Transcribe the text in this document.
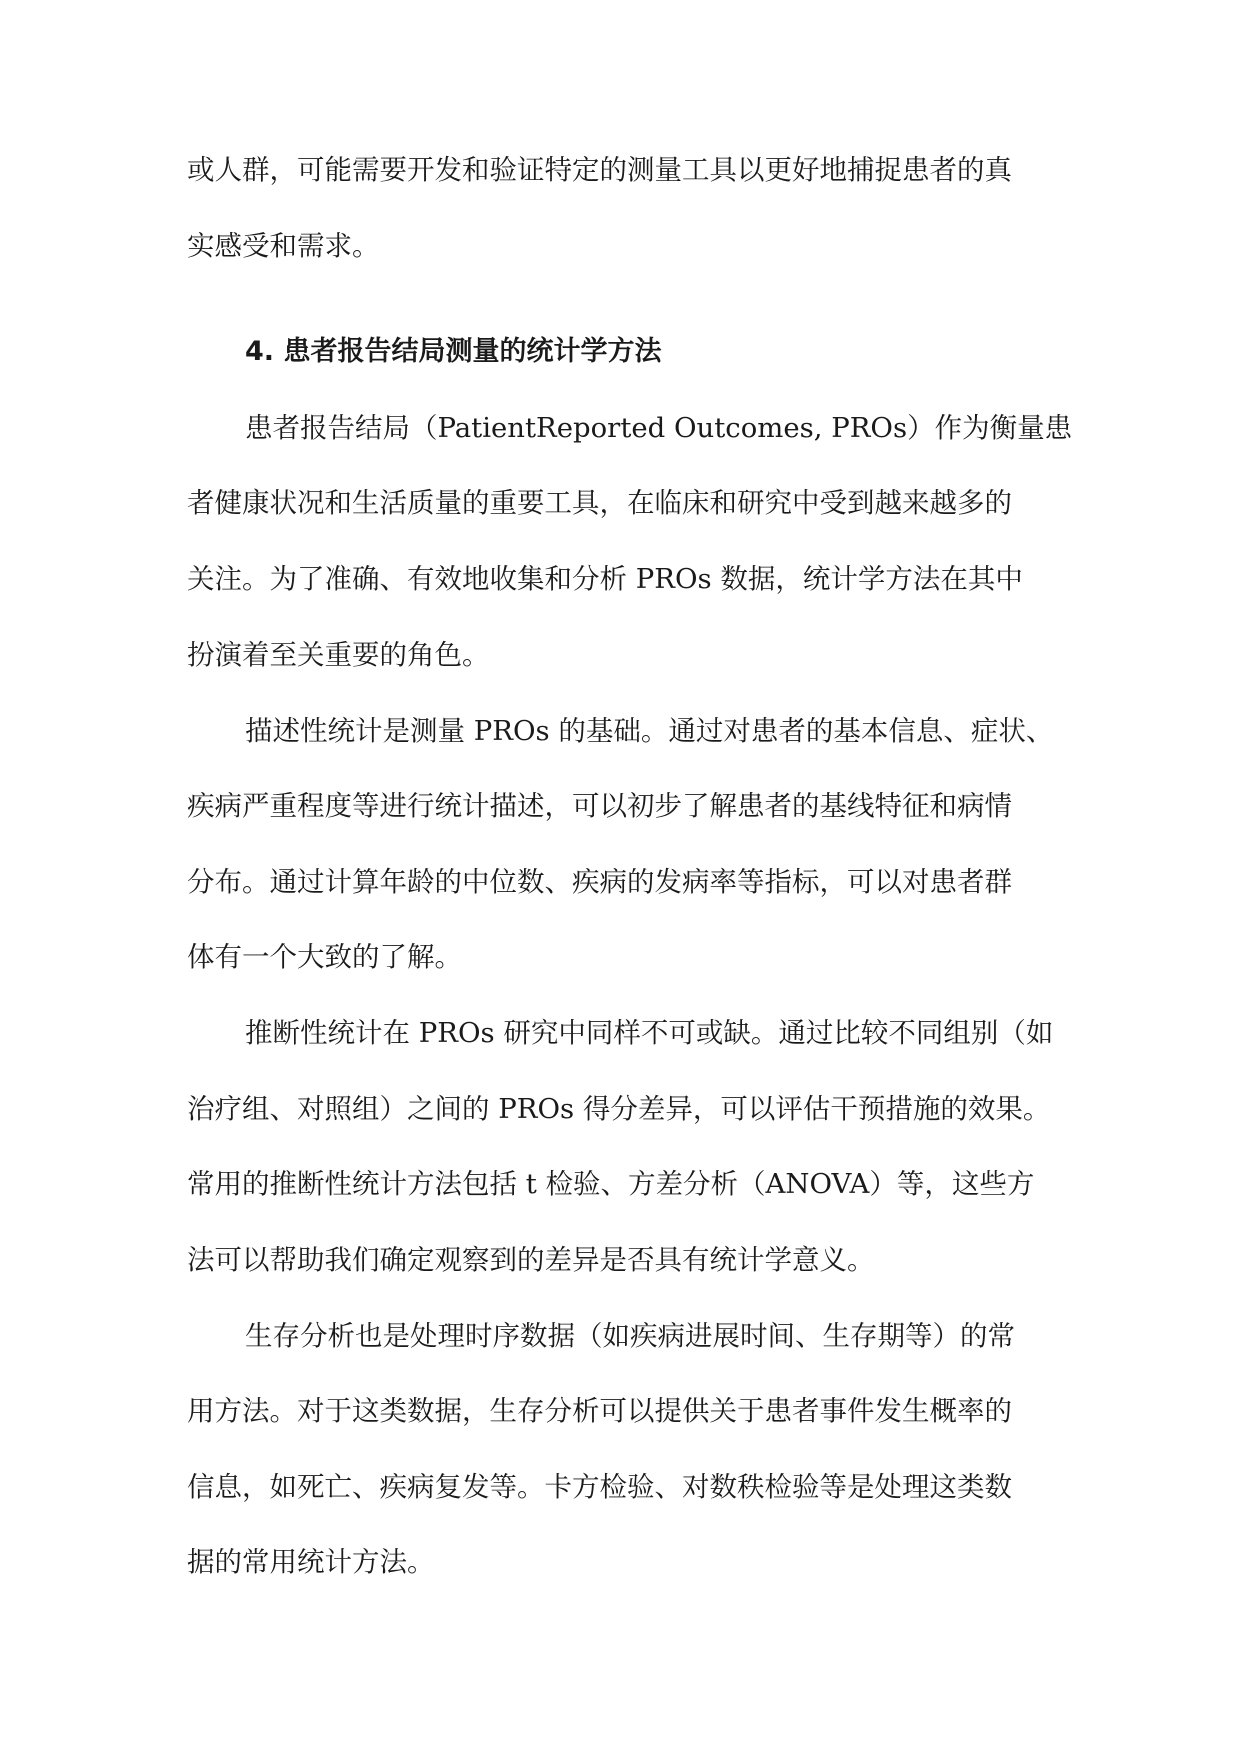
或人群，可能需要开发和验证特定的测量工具以更好地捕捉患者的真

实感受和需求。

4. 患者报告结局测量的统计学方法

患者报告结局（PatientReported Outcomes, PROs）作为衡量患

者健康状况和生活质量的重要工具，在临床和研究中受到越来越多的

关注。为了准确、有效地收集和分析 PROs 数据，统计学方法在其中

扮演着至关重要的角色。

描述性统计是测量 PROs 的基础。通过对患者的基本信息、症状、

疾病严重程度等进行统计描述，可以初步了解患者的基线特征和病情

分布。通过计算年龄的中位数、疾病的发病率等指标，可以对患者群

体有一个大致的了解。

推断性统计在 PROs 研究中同样不可或缺。通过比较不同组别（如

治疗组、对照组）之间的 PROs 得分差异，可以评估干预措施的效果。

常用的推断性统计方法包括 t 检验、方差分析（ANOVA）等，这些方

法可以帮助我们确定观察到的差异是否具有统计学意义。

生存分析也是处理时序数据（如疾病进展时间、生存期等）的常

用方法。对于这类数据，生存分析可以提供关于患者事件发生概率的

信息，如死亡、疾病复发等。卡方检验、对数秩检验等是处理这类数

据的常用统计方法。
